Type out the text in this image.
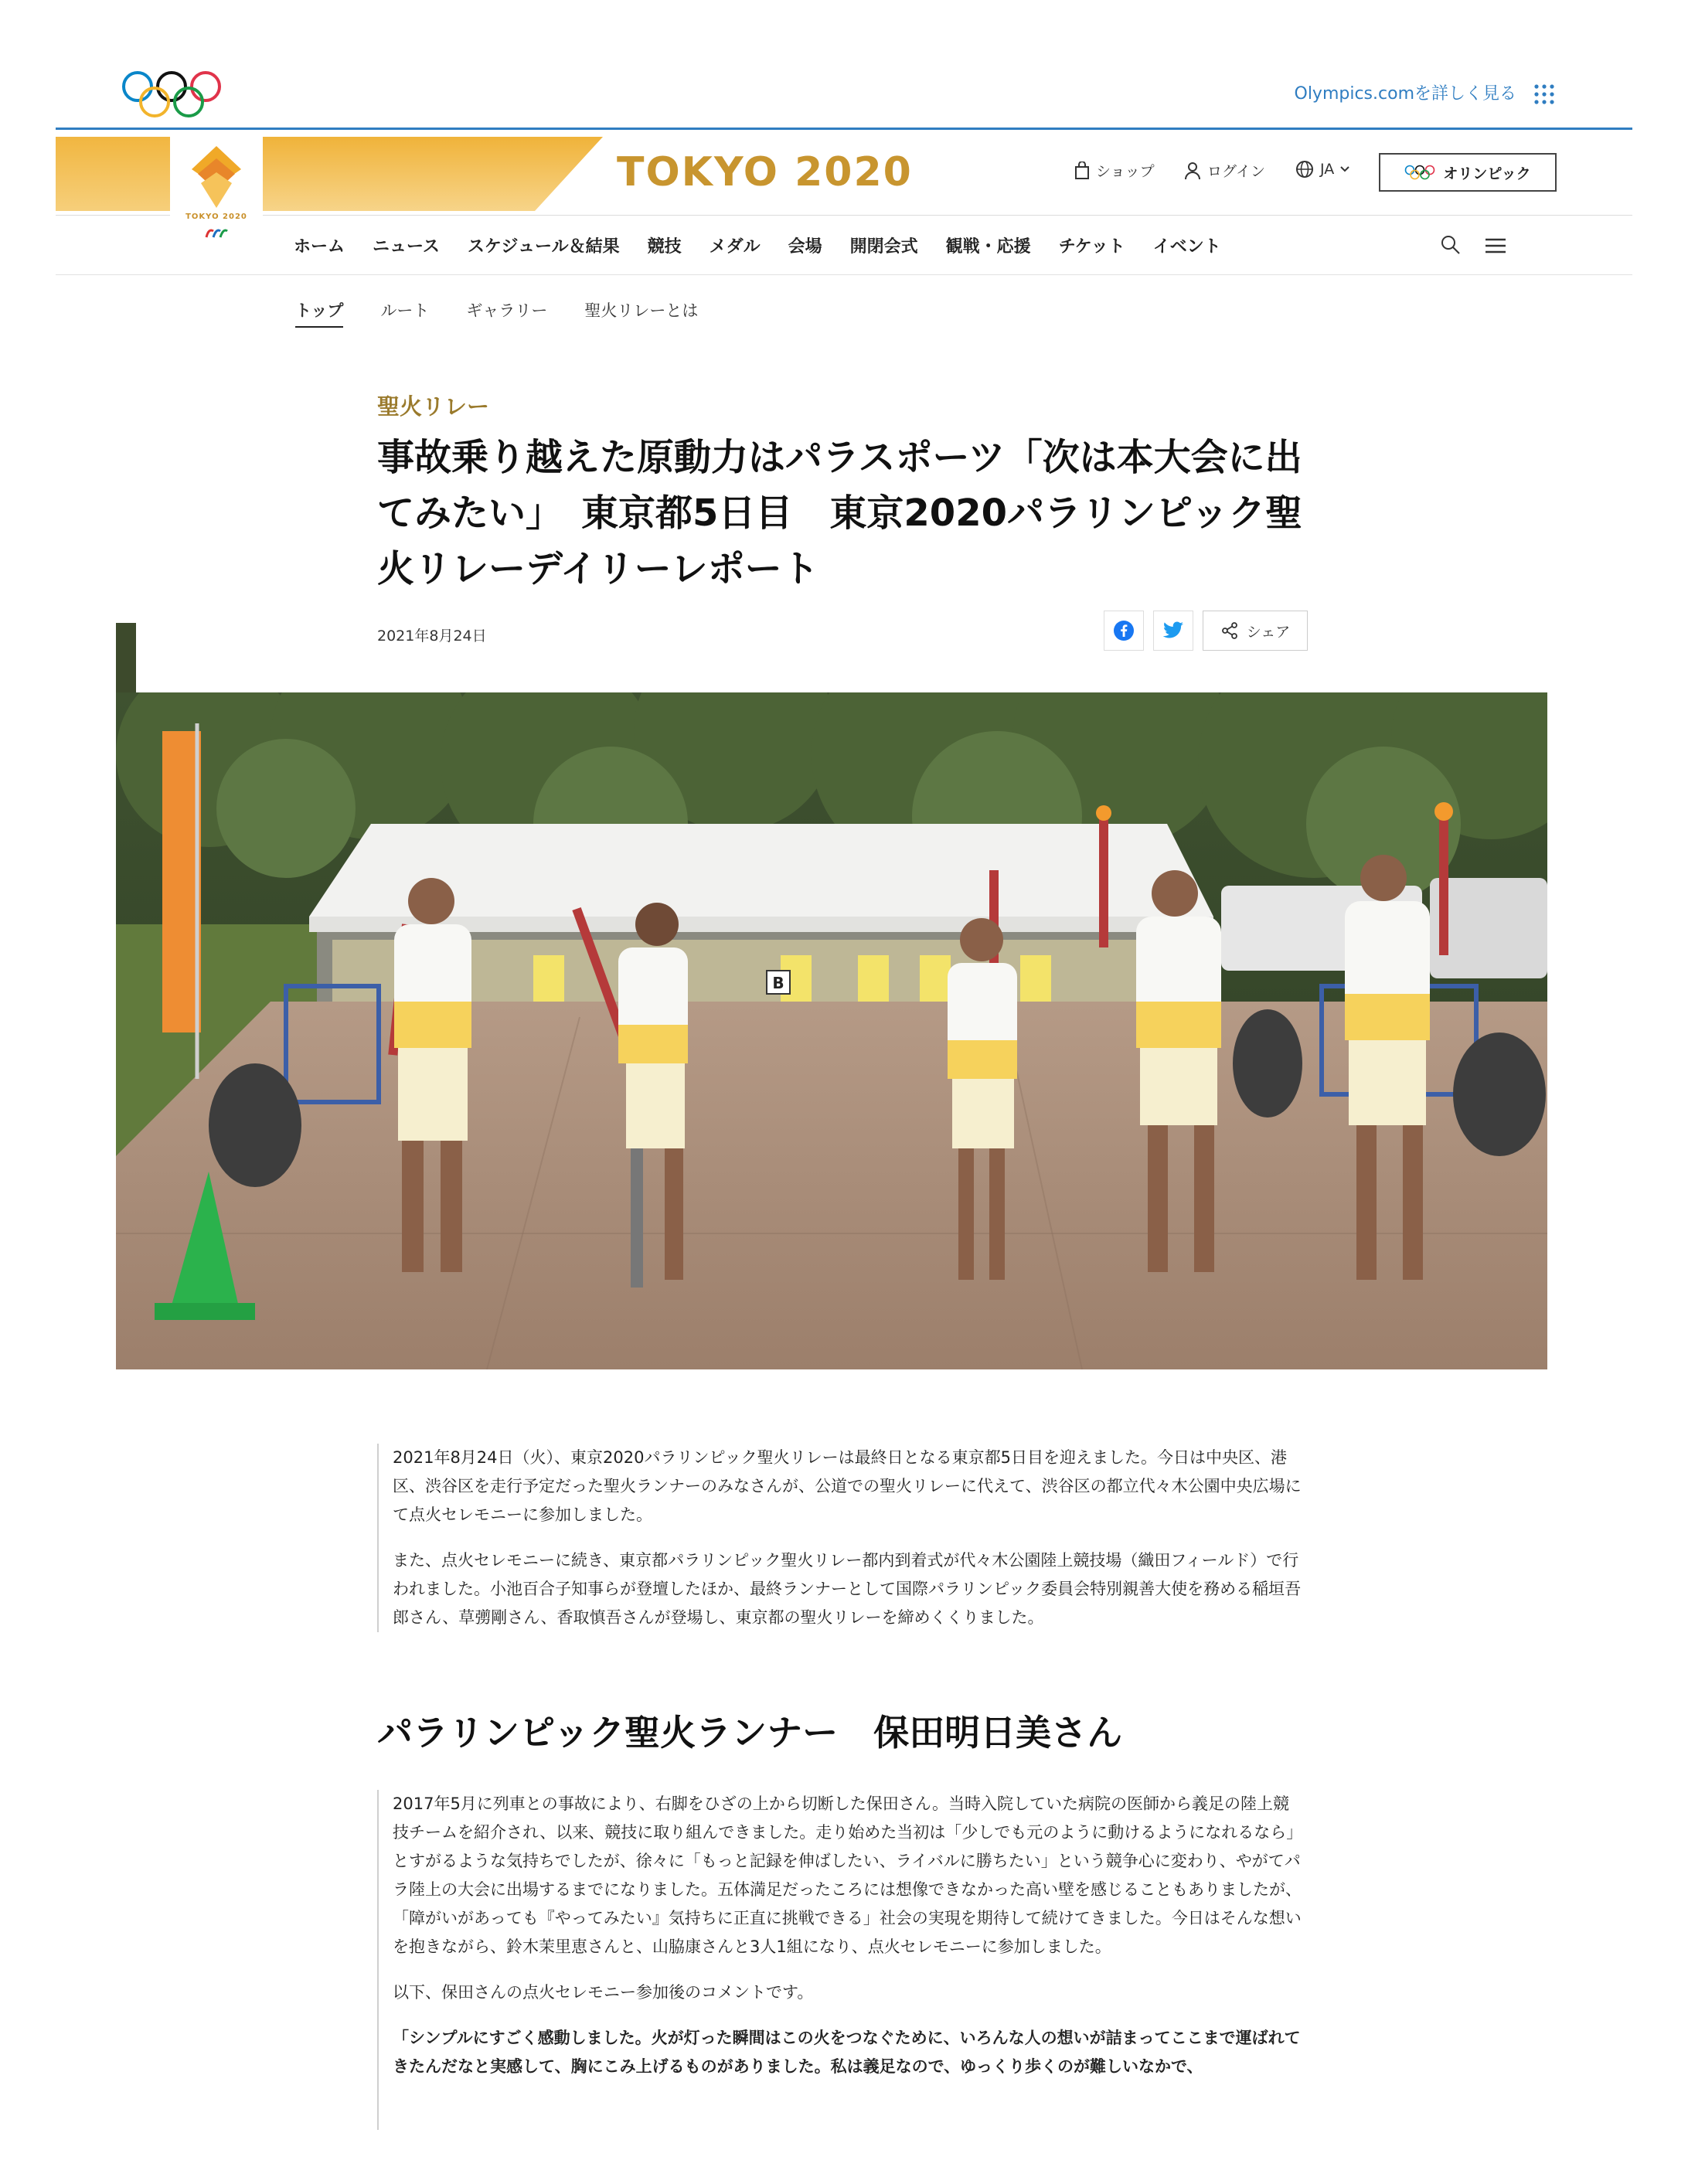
Olympics.comを詳しく見る
TOKYO 2020
TOKYO 2020	ショップ	ログイン	JA	オリンピック
ホーム ニュース スケジュール＆結果 競技 メダル 会場 開閉会式 観戦・応援 チケット イベント
トップ ルート ギャラリー 聖火リレーとは
聖火リレー
事故乗り越えた原動力はパラスポーツ「次は本大会に出てみたい」　東京都5日目　東京2020パラリンピック聖火リレーデイリーレポート
2021年8月24日	シェア
B

2021年8月24日（火）、東京2020パラリンピック聖火リレーは最終日となる東京都5日目を迎えました。今日は中央区、港区、渋谷区を走行予定だった聖火ランナーのみなさんが、公道での聖火リレーに代えて、渋谷区の都立代々木公園中央広場にて点火セレモニーに参加しました。

また、点火セレモニーに続き、東京都パラリンピック聖火リレー都内到着式が代々木公園陸上競技場（織田フィールド）で行われました。小池百合子知事らが登壇したほか、最終ランナーとして国際パラリンピック委員会特別親善大使を務める稲垣吾郎さん、草彅剛さん、香取慎吾さんが登場し、東京都の聖火リレーを締めくくりました。

パラリンピック聖火ランナー　保田明日美さん

2017年5月に列車との事故により、右脚をひざの上から切断した保田さん。当時入院していた病院の医師から義足の陸上競技チームを紹介され、以来、競技に取り組んできました。走り始めた当初は「少しでも元のように動けるようになれるなら」とすがるような気持ちでしたが、徐々に「もっと記録を伸ばしたい、ライバルに勝ちたい」という競争心に変わり、やがてパラ陸上の大会に出場するまでになりました。五体満足だったころには想像できなかった高い壁を感じることもありましたが、「障がいがあっても『やってみたい』気持ちに正直に挑戦できる」社会の実現を期待して続けてきました。今日はそんな想いを抱きながら、鈴木茉里恵さんと、山脇康さんと3人1組になり、点火セレモニーに参加しました。

以下、保田さんの点火セレモニー参加後のコメントです。

「シンプルにすごく感動しました。火が灯った瞬間はこの火をつなぐために、いろんな人の想いが詰まってここまで運ばれてきたんだなと実感して、胸にこみ上げるものがありました。私は義足なので、ゆっくり歩くのが難しいなかで、
